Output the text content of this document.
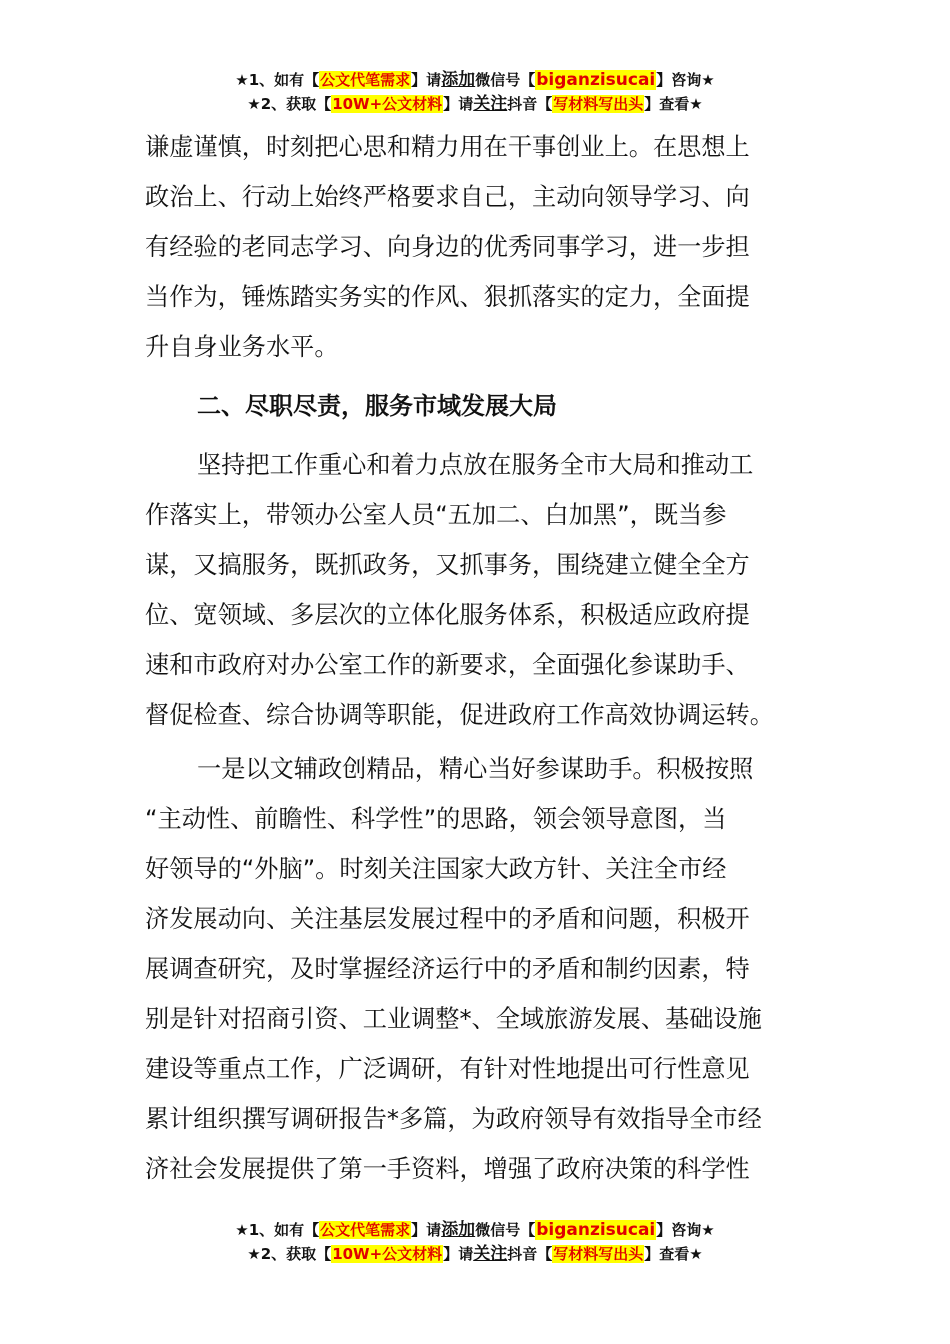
★1、如有【公文代笔需求】请添加微信号【biganzisucai】咨询★
★2、获取【10W+公文材料】请关注抖音【写材料写出头】查看★

谦虚谨慎，时刻把心思和精力用在干事创业上。在思想上
政治上、行动上始终严格要求自己，主动向领导学习、向
有经验的老同志学习、向身边的优秀同事学习，进一步担
当作为，锤炼踏实务实的作风、狠抓落实的定力，全面提
升自身业务水平。

二、尽职尽责，服务市域发展大局

坚持把工作重心和着力点放在服务全市大局和推动工
作落实上，带领办公室人员“五加二、白加黑”，既当参
谋，又搞服务，既抓政务，又抓事务，围绕建立健全全方
位、宽领域、多层次的立体化服务体系，积极适应政府提
速和市政府对办公室工作的新要求，全面强化参谋助手、
督促检查、综合协调等职能，促进政府工作高效协调运转。

一是以文辅政创精品，精心当好参谋助手。积极按照
“主动性、前瞻性、科学性”的思路，领会领导意图，当
好领导的“外脑”。时刻关注国家大政方针、关注全市经
济发展动向、关注基层发展过程中的矛盾和问题，积极开
展调查研究，及时掌握经济运行中的矛盾和制约因素，特
别是针对招商引资、工业调整*、全域旅游发展、基础设施
建设等重点工作，广泛调研，有针对性地提出可行性意见
累计组织撰写调研报告*多篇，为政府领导有效指导全市经
济社会发展提供了第一手资料，增强了政府决策的科学性

★1、如有【公文代笔需求】请添加微信号【biganzisucai】咨询★
★2、获取【10W+公文材料】请关注抖音【写材料写出头】查看★
